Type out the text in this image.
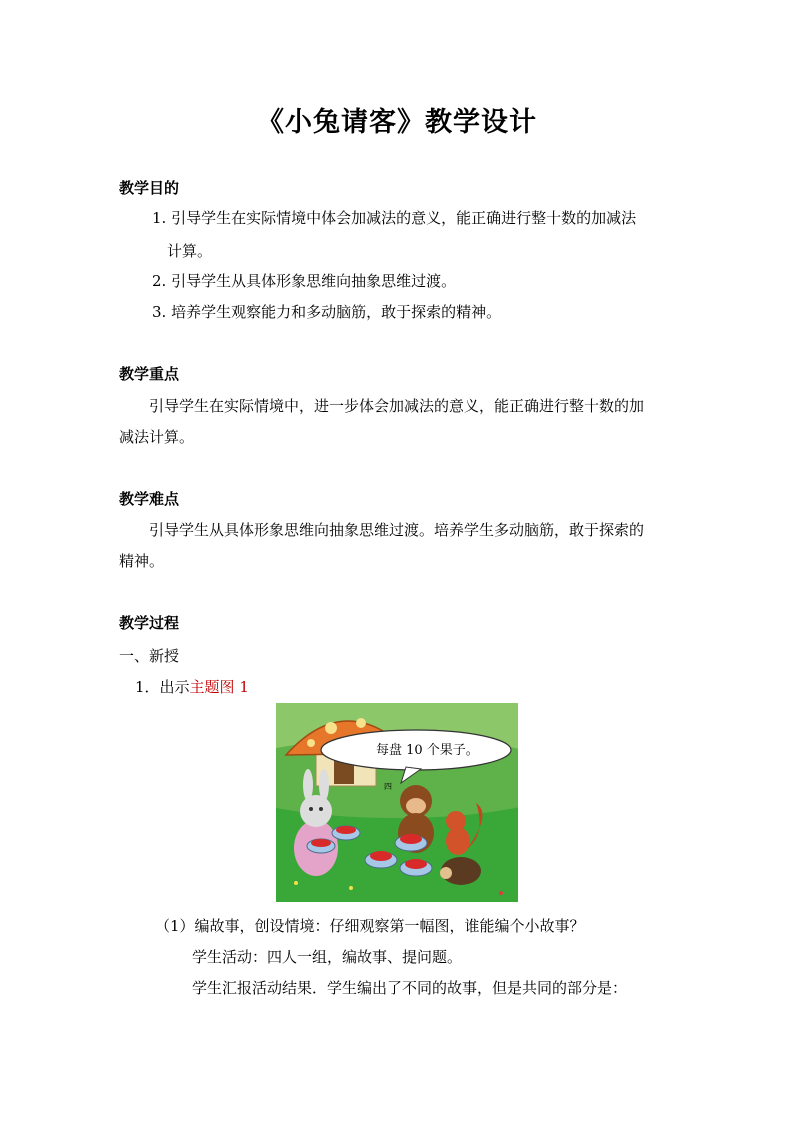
《小兔请客》教学设计
教学目的
1. 引导学生在实际情境中体会加减法的意义，能正确进行整十数的加减法
计算。
2. 引导学生从具体形象思维向抽象思维过渡。
3. 培养学生观察能力和多动脑筋，敢于探索的精神。
教学重点
引导学生在实际情境中，进一步体会加减法的意义，能正确进行整十数的加
减法计算。
教学难点
引导学生从具体形象思维向抽象思维过渡。培养学生多动脑筋，敢于探索的
精神。
教学过程
一、新授
1．出示主题图 1
每盘 10 个果子。
四
（1）编故事，创设情境：仔细观察第一幅图，谁能编个小故事？
学生活动：四人一组，编故事、提问题。
学生汇报活动结果．学生编出了不同的故事，但是共同的部分是：
